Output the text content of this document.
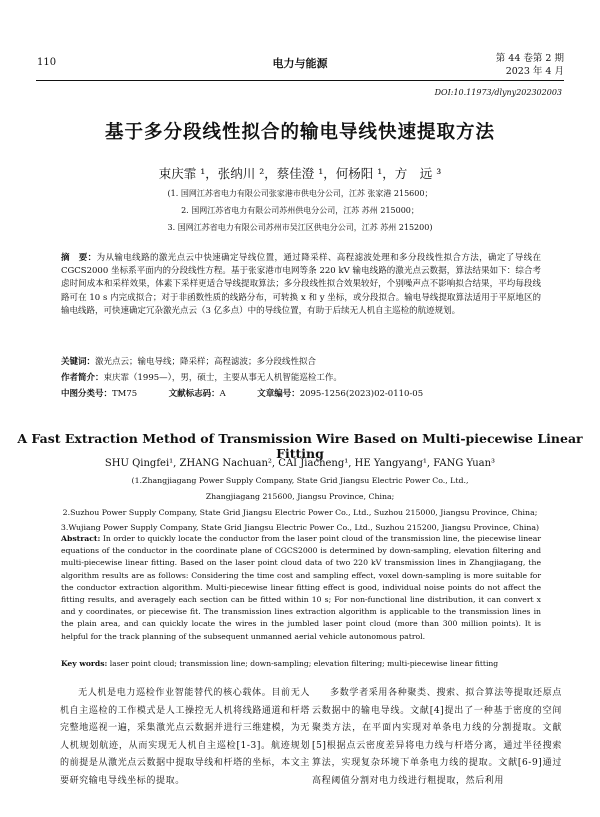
110	电力与能源	第 44 卷第 2 期
2023 年 4 月
DOI:10.11973/dlyny202302003
基于多分段线性拟合的输电导线快速提取方法
束庆霏 ¹，张纳川 ²，蔡佳澄 ¹，何杨阳 ¹，方　远 ³
(1. 国网江苏省电力有限公司张家港市供电分公司，江苏 张家港 215600；
2. 国网江苏省电力有限公司苏州供电分公司，江苏 苏州 215000；
3. 国网江苏省电力有限公司苏州市吴江区供电分公司，江苏 苏州 215200)
摘　要：为从输电线路的激光点云中快速确定导线位置，通过降采样、高程滤波处理和多分段线性拟合方法，确定了导线在 CGCS2000 坐标系平面内的分段线性方程。基于张家港市电网等条 220 kV 输电线路的激光点云数据，算法结果如下：综合考虑时间成本和采样效果，体素下采样更适合导线提取算法；多分段线性拟合效果较好，个别噪声点不影响拟合结果，平均每段线路可在 10 s 内完成拟合；对于非函数性质的线路分布，可转换 x 和 y 坐标，或分段拟合。输电导线提取算法适用于平原地区的输电线路，可快速确定冗杂激光点云（3 亿多点）中的导线位置，有助于后续无人机自主巡检的航迹规划。
关键词：激光点云；输电导线；降采样；高程滤波；多分段线性拟合
作者简介：束庆霏（1995—），男，硕士，主要从事无人机智能巡检工作。
中图分类号：TM75	文献标志码：A	文章编号：2095-1256(2023)02-0110-05
A Fast Extraction Method of Transmission Wire Based on Multi-piecewise Linear Fitting
SHU Qingfei¹, ZHANG Nachuan², CAI Jiacheng¹, HE Yangyang¹, FANG Yuan³
(1.Zhangjiagang Power Supply Company, State Grid Jiangsu Electric Power Co., Ltd.,
Zhangjiagang 215600, Jiangsu Province, China;
2.Suzhou Power Supply Company, State Grid Jiangsu Electric Power Co., Ltd., Suzhou 215000, Jiangsu Province, China;
3.Wujiang Power Supply Company, State Grid Jiangsu Electric Power Co., Ltd., Suzhou 215200, Jiangsu Province, China)
Abstract: In order to quickly locate the conductor from the laser point cloud of the transmission line, the piecewise linear equations of the conductor in the coordinate plane of CGCS2000 is determined by down-sampling, elevation filtering and multi-piecewise linear fitting. Based on the laser point cloud data of two 220 kV transmission lines in Zhangjiagang, the algorithm results are as follows: Considering the time cost and sampling effect, voxel down-sampling is more suitable for the conductor extraction algorithm. Multi-piecewise linear fitting effect is good, individual noise points do not affect the fitting results, and averagely each section can be fitted within 10 s; For non-functional line distribution, it can convert x and y coordinates, or piecewise fit. The transmission lines extraction algorithm is applicable to the transmission lines in the plain area, and can quickly locate the wires in the jumbled laser point cloud (more than 300 million points). It is helpful for the track planning of the subsequent unmanned aerial vehicle autonomous patrol.
Key words: laser point cloud; transmission line; down-sampling; elevation filtering; multi-piecewise linear fitting
无人机是电力巡检作业智能替代的核心载体。目前无人机自主巡检的工作模式是人工操控无人机将线路通道和杆塔完整地巡视一遍，采集激光点云数据并进行三维建模，为无人机规划航迹，从而实现无人机自主巡检[1-3]。航迹规划的前提是从激光点云数据中提取导线和杆塔的坐标，本文主要研究输电导线坐标的提取。
多数学者采用各种聚类、搜索、拟合算法等提取还原点云数据中的输电导线。文献[4]提出了一种基于密度的空间聚类方法，在平面内实现对单条电力线的分割提取。文献[5]根据点云密度差异将电力线与杆塔分离，通过半径搜索算法，实现复杂环境下单条电力线的提取。文献[6-9]通过高程阈值分割对电力线进行粗提取，然后利用
